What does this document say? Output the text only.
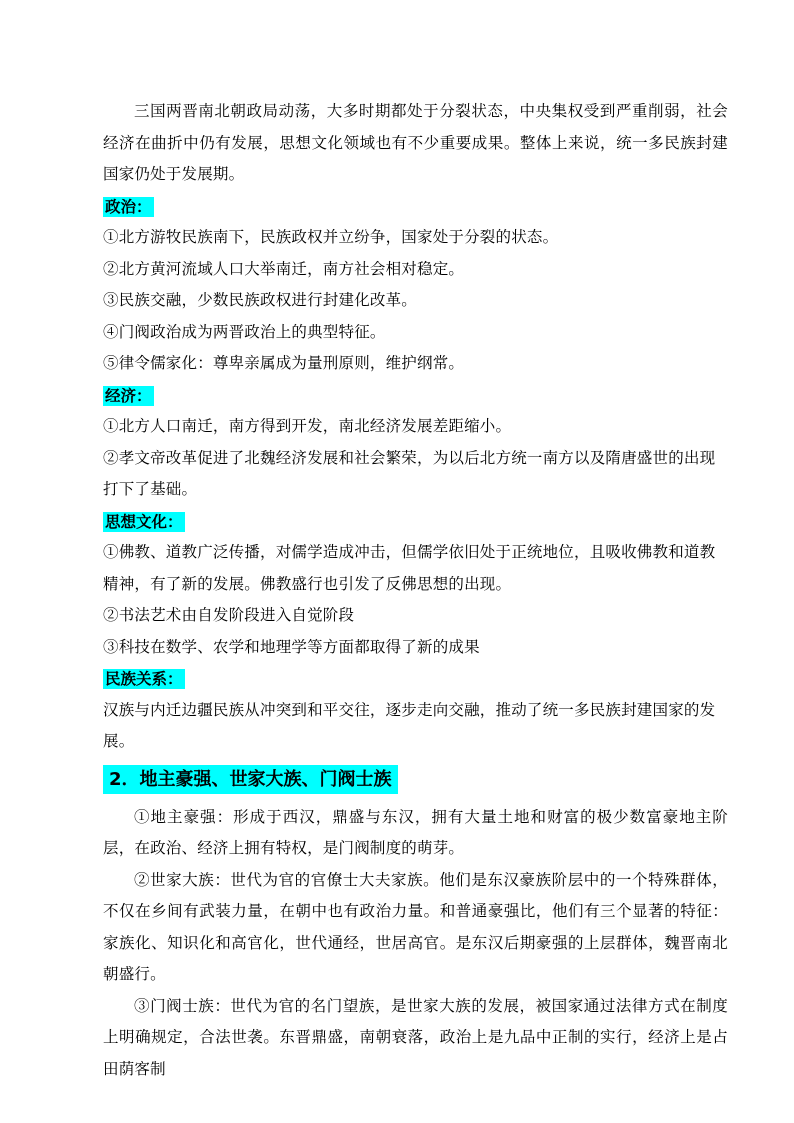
三国两晋南北朝政局动荡，大多时期都处于分裂状态，中央集权受到严重削弱，社会经济在曲折中仍有发展，思想文化领域也有不少重要成果。整体上来说，统一多民族封建国家仍处于发展期。

政治：

①北方游牧民族南下，民族政权并立纷争，国家处于分裂的状态。

②北方黄河流域人口大举南迁，南方社会相对稳定。

③民族交融，少数民族政权进行封建化改革。

④门阀政治成为两晋政治上的典型特征。

⑤律令儒家化：尊卑亲属成为量刑原则，维护纲常。

经济：

①北方人口南迁，南方得到开发，南北经济发展差距缩小。

②孝文帝改革促进了北魏经济发展和社会繁荣，为以后北方统一南方以及隋唐盛世的出现打下了基础。

思想文化：

①佛教、道教广泛传播，对儒学造成冲击，但儒学依旧处于正统地位，且吸收佛教和道教精神，有了新的发展。佛教盛行也引发了反佛思想的出现。

②书法艺术由自发阶段进入自觉阶段

③科技在数学、农学和地理学等方面都取得了新的成果

民族关系：

汉族与内迁边疆民族从冲突到和平交往，逐步走向交融，推动了统一多民族封建国家的发展。

2．地主豪强、世家大族、门阀士族

①地主豪强：形成于西汉，鼎盛与东汉，拥有大量土地和财富的极少数富豪地主阶层，在政治、经济上拥有特权，是门阀制度的萌芽。

②世家大族：世代为官的官僚士大夫家族。他们是东汉豪族阶层中的一个特殊群体，不仅在乡间有武装力量，在朝中也有政治力量。和普通豪强比，他们有三个显著的特征：家族化、知识化和高官化，世代通经，世居高官。是东汉后期豪强的上层群体，魏晋南北朝盛行。

③门阀士族：世代为官的名门望族，是世家大族的发展，被国家通过法律方式在制度上明确规定，合法世袭。东晋鼎盛，南朝衰落，政治上是九品中正制的实行，经济上是占田荫客制
